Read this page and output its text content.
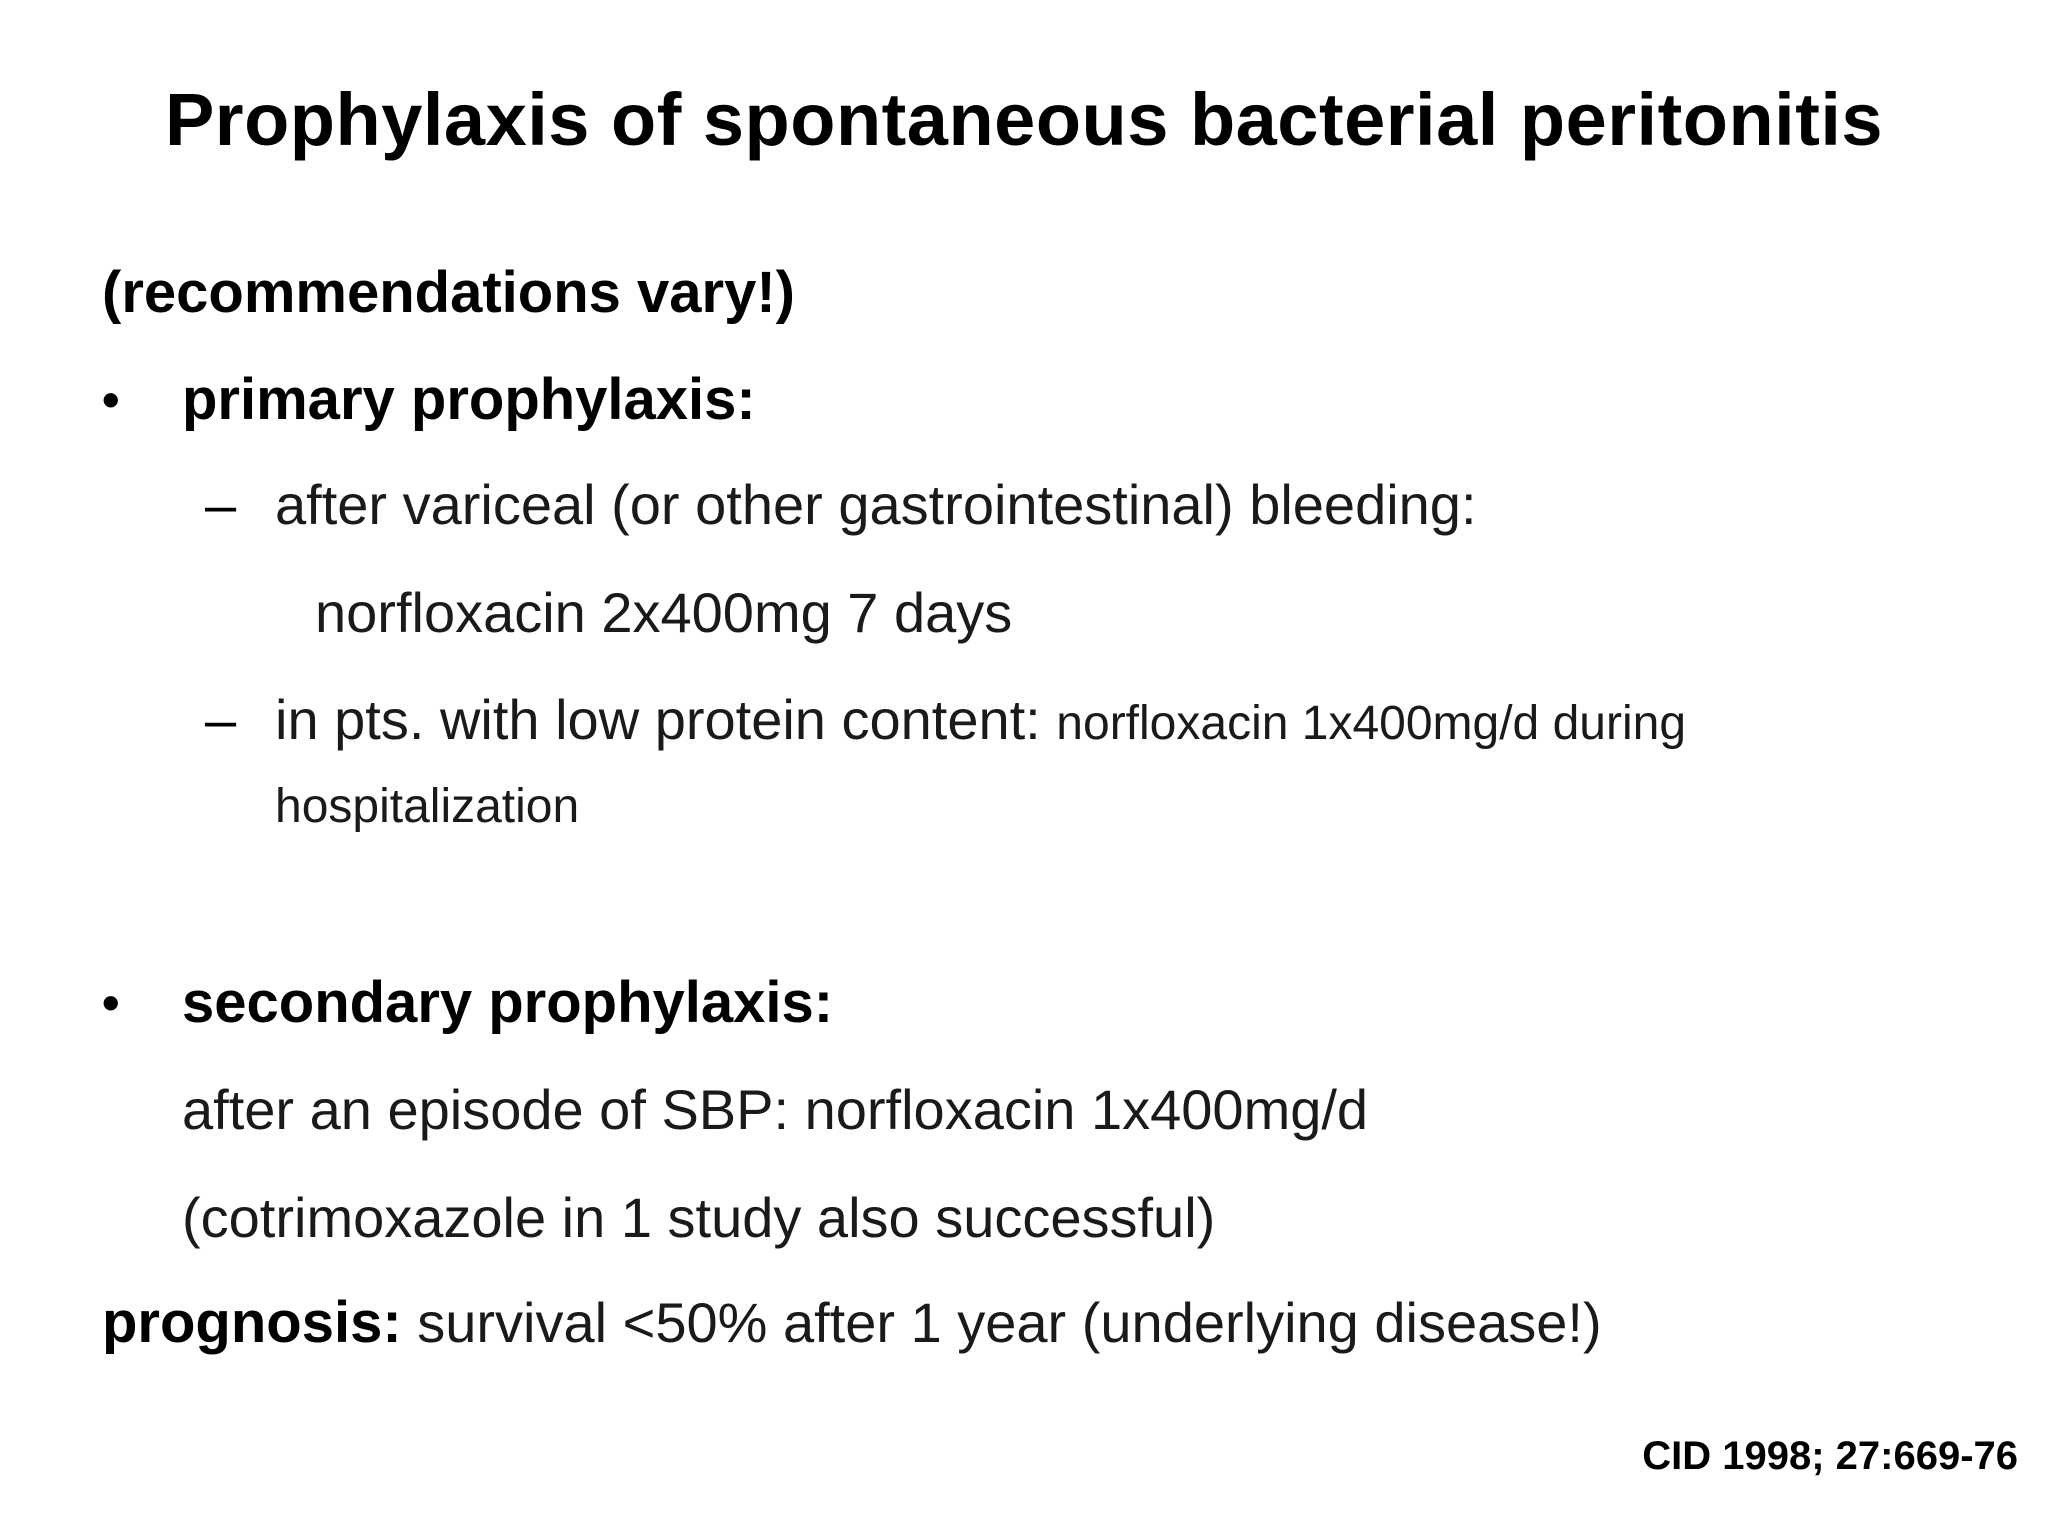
Prophylaxis of spontaneous bacterial peritonitis
(recommendations vary!)
• primary prophylaxis:
– after variceal (or other gastrointestinal) bleeding:
norfloxacin 2x400mg 7 days
– in pts. with low protein content: norfloxacin 1x400mg/d during
hospitalization
• secondary prophylaxis:
after an episode of SBP: norfloxacin 1x400mg/d
(cotrimoxazole in 1 study also successful)
prognosis: survival <50% after 1 year (underlying disease!)
CID 1998; 27:669-76
